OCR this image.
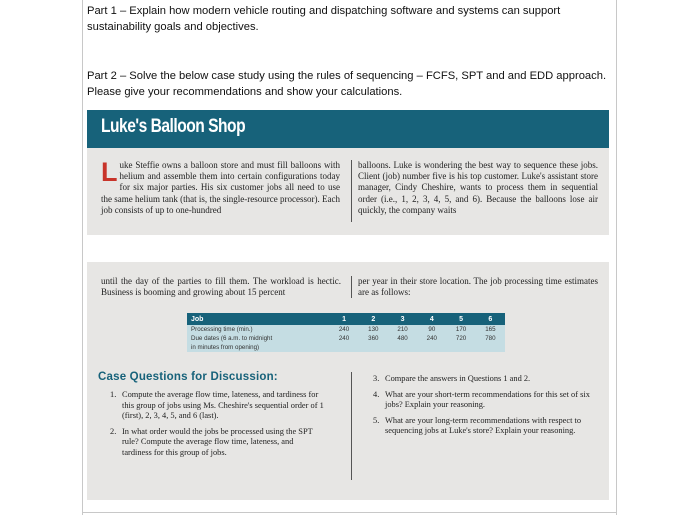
Part 1 – Explain how modern vehicle routing and dispatching software and systems can support sustainability goals and objectives.
Part 2 – Solve the below case study using the rules of sequencing – FCFS, SPT and and EDD approach. Please give your recommendations and show your calculations.
Luke's Balloon Shop
Luke Steffie owns a balloon store and must fill balloons with helium and assemble them into certain configurations today for six major parties. His six customer jobs all need to use the same helium tank (that is, the single-resource processor). Each job consists of up to one-hundred
balloons. Luke is wondering the best way to sequence these jobs. Client (job) number five is his top customer. Luke's assistant store manager, Cindy Cheshire, wants to process them in sequential order (i.e., 1, 2, 3, 4, 5, and 6). Because the balloons lose air quickly, the company waits
until the day of the parties to fill them. The workload is hectic. Business is booming and growing about 15 percent
per year in their store location. The job processing time estimates are as follows:
Job	1	2	3	4	5	6
Processing time (min.)	240	130	210	90	170	165
Due dates (6 a.m. to midnight	240	360	480	240	720	780
in minutes from opening)						
Case Questions for Discussion:
1. Compute the average flow time, lateness, and tardiness for this group of jobs using Ms. Cheshire's sequential order of 1 (first), 2, 3, 4, 5, and 6 (last).
2. In what order would the jobs be processed using the SPT rule? Compute the average flow time, lateness, and tardiness for this group of jobs.
3. Compare the answers in Questions 1 and 2.
4. What are your short-term recommendations for this set of six jobs? Explain your reasoning.
5. What are your long-term recommendations with respect to sequencing jobs at Luke's store? Explain your reasoning.
